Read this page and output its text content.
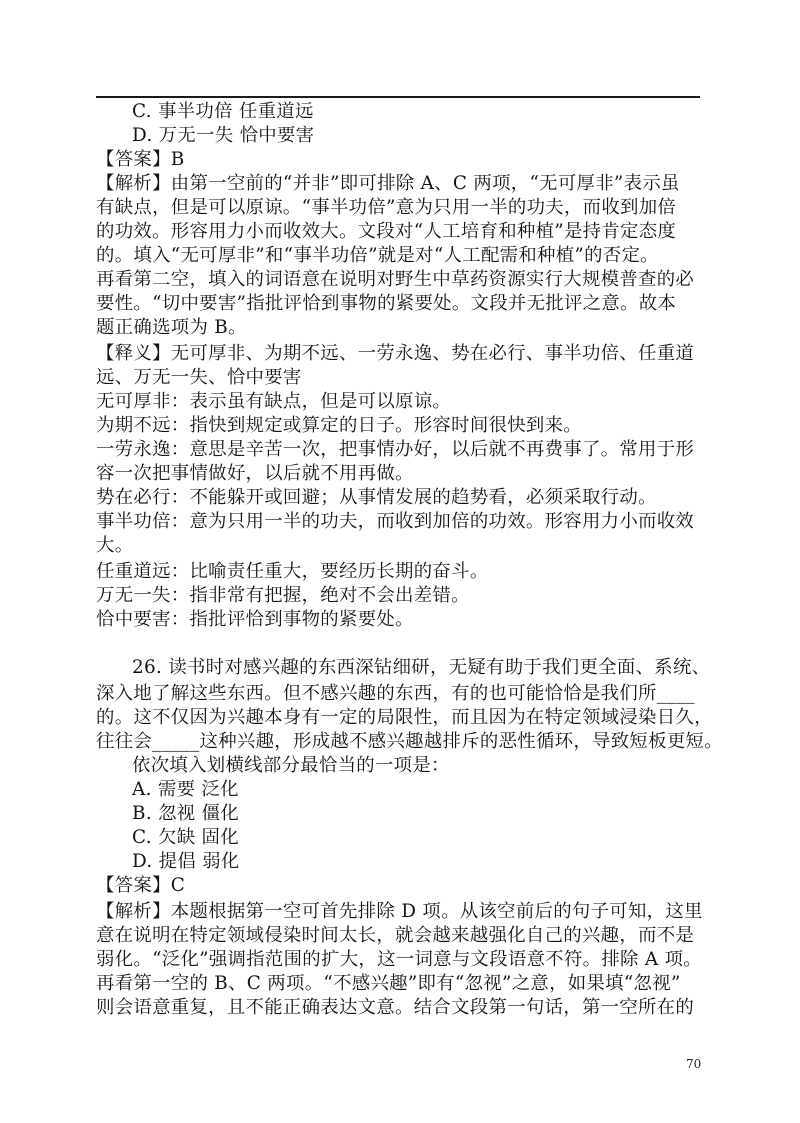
C. 事半功倍 任重道远
D. 万无一失 恰中要害
【答案】B
【解析】由第一空前的“并非”即可排除 A、C 两项，“无可厚非”表示虽
有缺点，但是可以原谅。“事半功倍”意为只用一半的功夫，而收到加倍
的功效。形容用力小而收效大。文段对“人工培育和种植”是持肯定态度
的。填入“无可厚非”和“事半功倍”就是对“人工配需和种植”的否定。
再看第二空，填入的词语意在说明对野生中草药资源实行大规模普查的必
要性。“切中要害”指批评恰到事物的紧要处。文段并无批评之意。故本
题正确选项为 B。
【释义】无可厚非、为期不远、一劳永逸、势在必行、事半功倍、任重道
远、万无一失、恰中要害
无可厚非：表示虽有缺点，但是可以原谅。
为期不远：指快到规定或算定的日子。形容时间很快到来。
一劳永逸：意思是辛苦一次，把事情办好，以后就不再费事了。常用于形
容一次把事情做好，以后就不用再做。
势在必行：不能躲开或回避；从事情发展的趋势看，必须采取行动。
事半功倍：意为只用一半的功夫，而收到加倍的功效。形容用力小而收效
大。
任重道远：比喻责任重大，要经历长期的奋斗。
万无一失：指非常有把握，绝对不会出差错。
恰中要害：指批评恰到事物的紧要处。
26. 读书时对感兴趣的东西深钻细研，无疑有助于我们更全面、系统、
深入地了解这些东西。但不感兴趣的东西，有的也可能恰恰是我们所____
的。这不仅因为兴趣本身有一定的局限性，而且因为在特定领域浸染日久，
往往会_____这种兴趣，形成越不感兴趣越排斥的恶性循环，导致短板更短。
依次填入划横线部分最恰当的一项是：
A. 需要 泛化
B. 忽视 僵化
C. 欠缺 固化
D. 提倡 弱化
【答案】C
【解析】本题根据第一空可首先排除 D 项。从该空前后的句子可知，这里
意在说明在特定领域侵染时间太长，就会越来越强化自己的兴趣，而不是
弱化。“泛化”强调指范围的扩大，这一词意与文段语意不符。排除 A 项。
再看第一空的 B、C 两项。“不感兴趣”即有“忽视”之意，如果填“忽视”
则会语意重复，且不能正确表达文意。结合文段第一句话，第一空所在的
70
